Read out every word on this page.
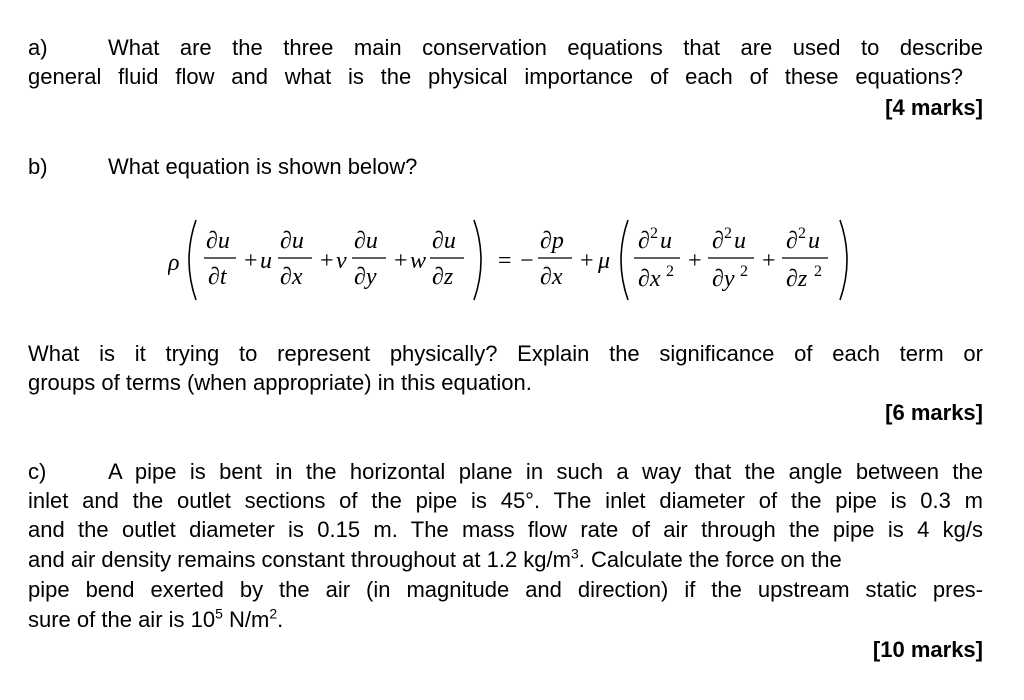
a)	What are the three main conservation equations that are used to describe
general fluid flow and what is the physical importance of each of these equations?
[4 marks]
b)	What equation is shown below?
ρ
∂u
∂t
+ u
∂u
∂x
+ v
∂u
∂y
+ w
∂u
∂z
= −
∂p
∂x
+ μ
∂ 2 u
∂x 2 +
∂ 2 u
∂y 2 +
∂ 2 u
∂z 2
What is it trying to represent physically? Explain the significance of each term or
groups of terms (when appropriate) in this equation.
[6 marks]
c)	A pipe is bent in the horizontal plane in such a way that the angle between the
inlet and the outlet sections of the pipe is 45°. The inlet diameter of the pipe is 0.3 m
and the outlet diameter is 0.15 m. The mass flow rate of air through the pipe is 4 kg/s
and air density remains constant throughout at 1.2 $kg/m^3$. Calculate the force on the
pipe bend exerted by the air (in magnitude and direction) if the upstream static pres-
sure of the air is $10^5$ $N/m^2$.
[10 marks]
